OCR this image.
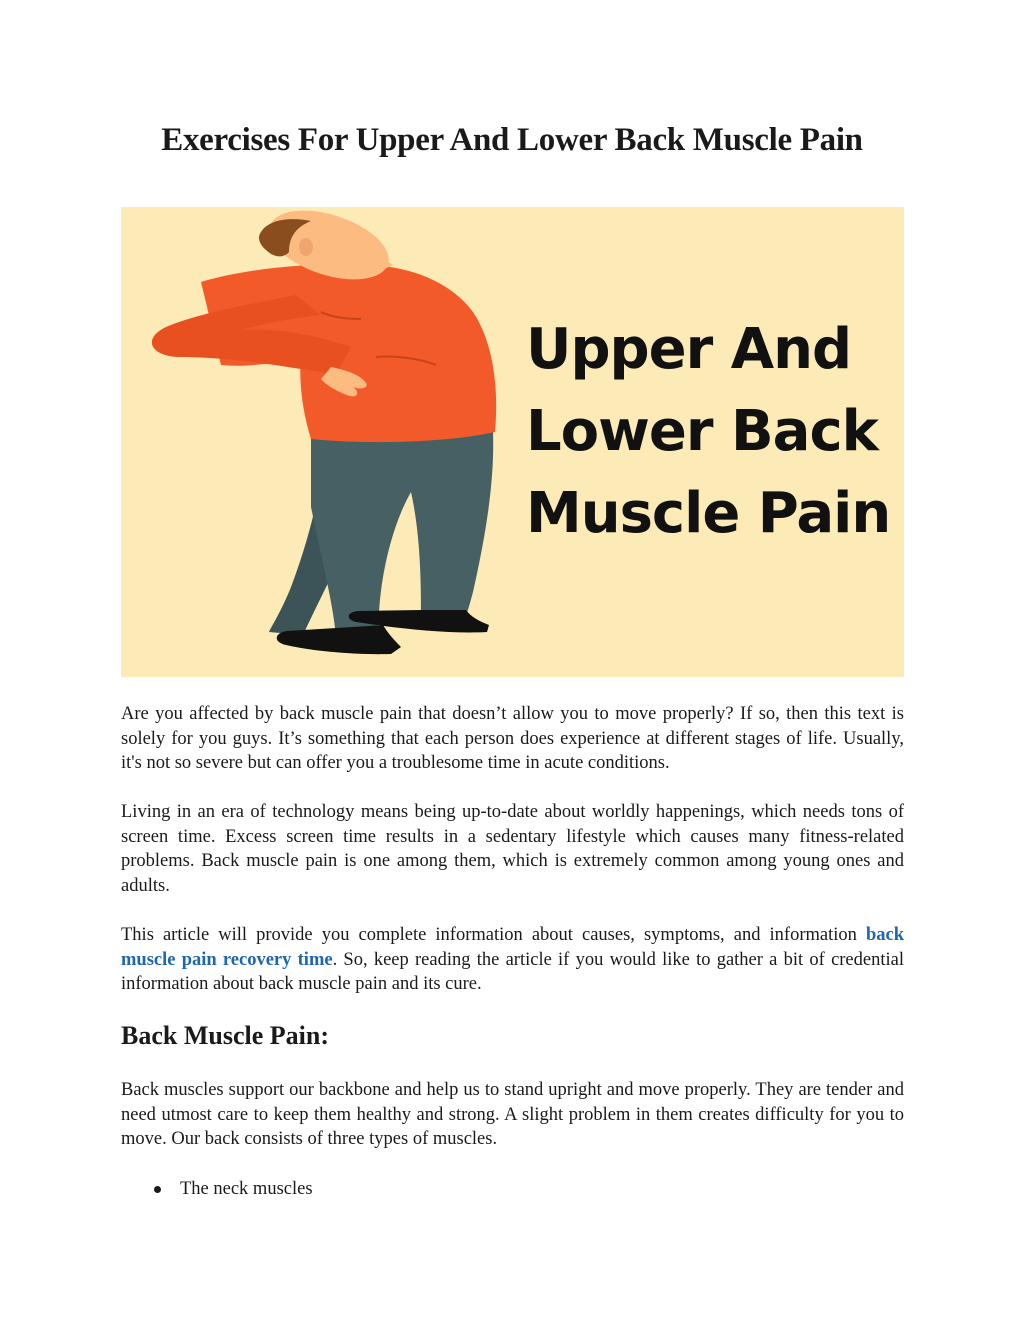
Exercises For Upper And Lower Back Muscle Pain
Upper And
Lower Back
Muscle Pain

Are you affected by back muscle pain that doesn’t allow you to move properly? If so, then this text is solely for you guys. It’s something that each person does experience at different stages of life. Usually, it's not so severe but can offer you a troublesome time in acute conditions.

Living in an era of technology means being up-to-date about worldly happenings, which needs tons of screen time. Excess screen time results in a sedentary lifestyle which causes many fitness-related problems. Back muscle pain is one among them, which is extremely common among young ones and adults.

This article will provide you complete information about causes, symptoms, and information back muscle pain recovery time. So, keep reading the article if you would like to gather a bit of credential information about back muscle pain and its cure.

Back Muscle Pain:

Back muscles support our backbone and help us to stand upright and move properly. They are tender and need utmost care to keep them healthy and strong. A slight problem in them creates difficulty for you to move. Our back consists of three types of muscles.

The neck muscles
